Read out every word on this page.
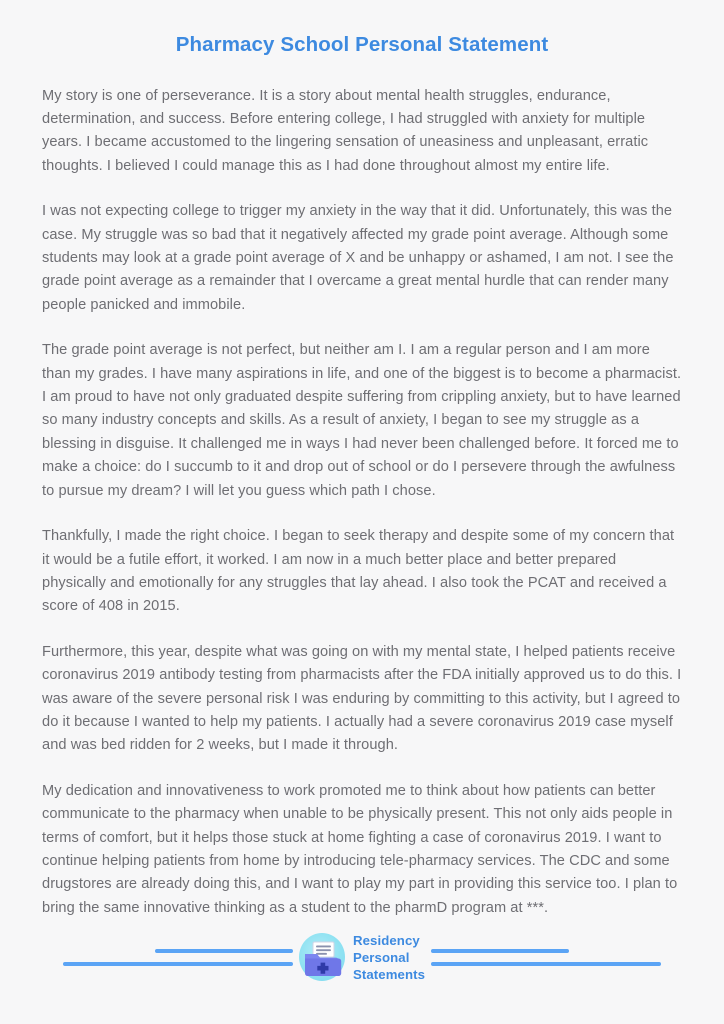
Pharmacy School Personal Statement

My story is one of perseverance. It is a story about mental health struggles, endurance, determination, and success. Before entering college, I had struggled with anxiety for multiple years. I became accustomed to the lingering sensation of uneasiness and unpleasant, erratic thoughts. I believed I could manage this as I had done throughout almost my entire life.

I was not expecting college to trigger my anxiety in the way that it did. Unfortunately, this was the case. My struggle was so bad that it negatively affected my grade point average. Although some students may look at a grade point average of X and be unhappy or ashamed, I am not. I see the grade point average as a remainder that I overcame a great mental hurdle that can render many people panicked and immobile.

The grade point average is not perfect, but neither am I. I am a regular person and I am more than my grades. I have many aspirations in life, and one of the biggest is to become a pharmacist. I am proud to have not only graduated despite suffering from crippling anxiety, but to have learned so many industry concepts and skills. As a result of anxiety, I began to see my struggle as a blessing in disguise. It challenged me in ways I had never been challenged before. It forced me to make a choice: do I succumb to it and drop out of school or do I persevere through the awfulness to pursue my dream? I will let you guess which path I chose.

Thankfully, I made the right choice. I began to seek therapy and despite some of my concern that it would be a futile effort, it worked. I am now in a much better place and better prepared physically and emotionally for any struggles that lay ahead. I also took the PCAT and received a score of 408 in 2015.

Furthermore, this year, despite what was going on with my mental state, I helped patients receive coronavirus 2019 antibody testing from pharmacists after the FDA initially approved us to do this. I was aware of the severe personal risk I was enduring by committing to this activity, but I agreed to do it because I wanted to help my patients. I actually had a severe coronavirus 2019 case myself and was bed ridden for 2 weeks, but I made it through.

My dedication and innovativeness to work promoted me to think about how patients can better communicate to the pharmacy when unable to be physically present. This not only aids people in terms of comfort, but it helps those stuck at home fighting a case of coronavirus 2019. I want to continue helping patients from home by introducing tele-pharmacy services. The CDC and some drugstores are already doing this, and I want to play my part in providing this service too. I plan to bring the same innovative thinking as a student to the pharmD program at ***.

Residency
Personal
Statements
